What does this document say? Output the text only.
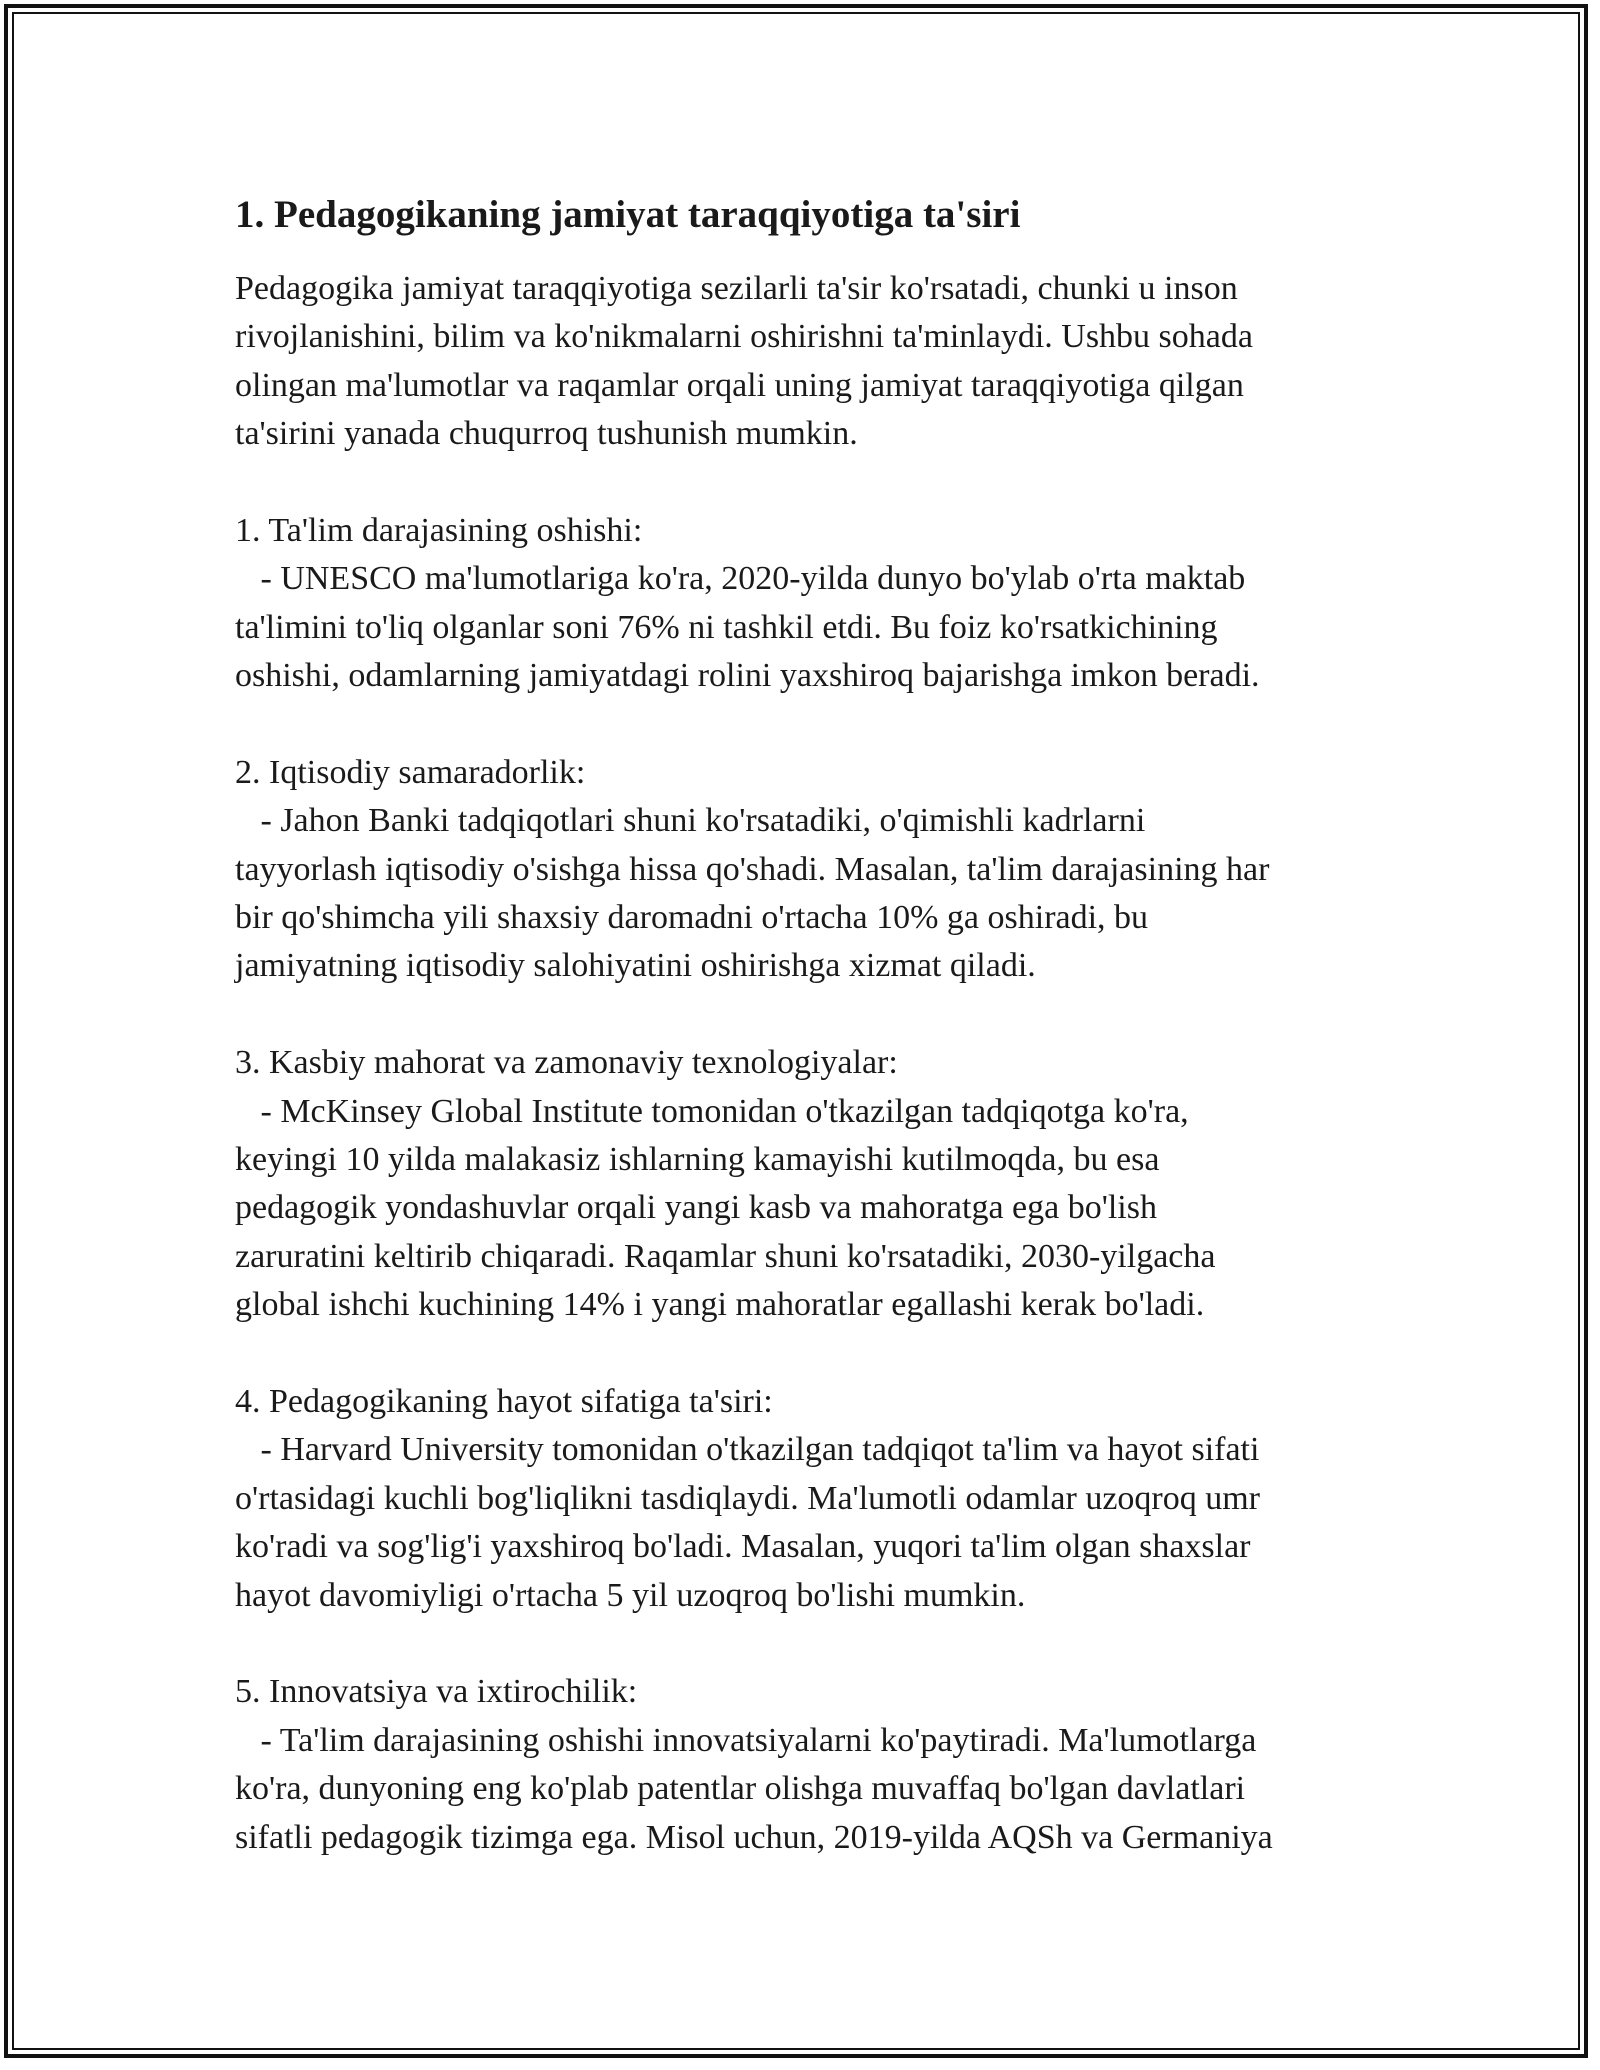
1. Pedagogikaning jamiyat taraqqiyotiga ta'siri
Pedagogika jamiyat taraqqiyotiga sezilarli ta'sir ko'rsatadi, chunki u inson
rivojlanishini, bilim va ko'nikmalarni oshirishni ta'minlaydi. Ushbu sohada
olingan ma'lumotlar va raqamlar orqali uning jamiyat taraqqiyotiga qilgan
ta'sirini yanada chuqurroq tushunish mumkin.
1. Ta'lim darajasining oshishi:
- UNESCO ma'lumotlariga ko'ra, 2020-yilda dunyo bo'ylab o'rta maktab
ta'limini to'liq olganlar soni 76% ni tashkil etdi. Bu foiz ko'rsatkichining
oshishi, odamlarning jamiyatdagi rolini yaxshiroq bajarishga imkon beradi.
2. Iqtisodiy samaradorlik:
- Jahon Banki tadqiqotlari shuni ko'rsatadiki, o'qimishli kadrlarni
tayyorlash iqtisodiy o'sishga hissa qo'shadi. Masalan, ta'lim darajasining har
bir qo'shimcha yili shaxsiy daromadni o'rtacha 10% ga oshiradi, bu
jamiyatning iqtisodiy salohiyatini oshirishga xizmat qiladi.
3. Kasbiy mahorat va zamonaviy texnologiyalar:
- McKinsey Global Institute tomonidan o'tkazilgan tadqiqotga ko'ra,
keyingi 10 yilda malakasiz ishlarning kamayishi kutilmoqda, bu esa
pedagogik yondashuvlar orqali yangi kasb va mahoratga ega bo'lish
zaruratini keltirib chiqaradi. Raqamlar shuni ko'rsatadiki, 2030-yilgacha
global ishchi kuchining 14% i yangi mahoratlar egallashi kerak bo'ladi.
4. Pedagogikaning hayot sifatiga ta'siri:
- Harvard University tomonidan o'tkazilgan tadqiqot ta'lim va hayot sifati
o'rtasidagi kuchli bog'liqlikni tasdiqlaydi. Ma'lumotli odamlar uzoqroq umr
ko'radi va sog'lig'i yaxshiroq bo'ladi. Masalan, yuqori ta'lim olgan shaxslar
hayot davomiyligi o'rtacha 5 yil uzoqroq bo'lishi mumkin.
5. Innovatsiya va ixtirochilik:
- Ta'lim darajasining oshishi innovatsiyalarni ko'paytiradi. Ma'lumotlarga
ko'ra, dunyoning eng ko'plab patentlar olishga muvaffaq bo'lgan davlatlari
sifatli pedagogik tizimga ega. Misol uchun, 2019-yilda AQSh va Germaniya
